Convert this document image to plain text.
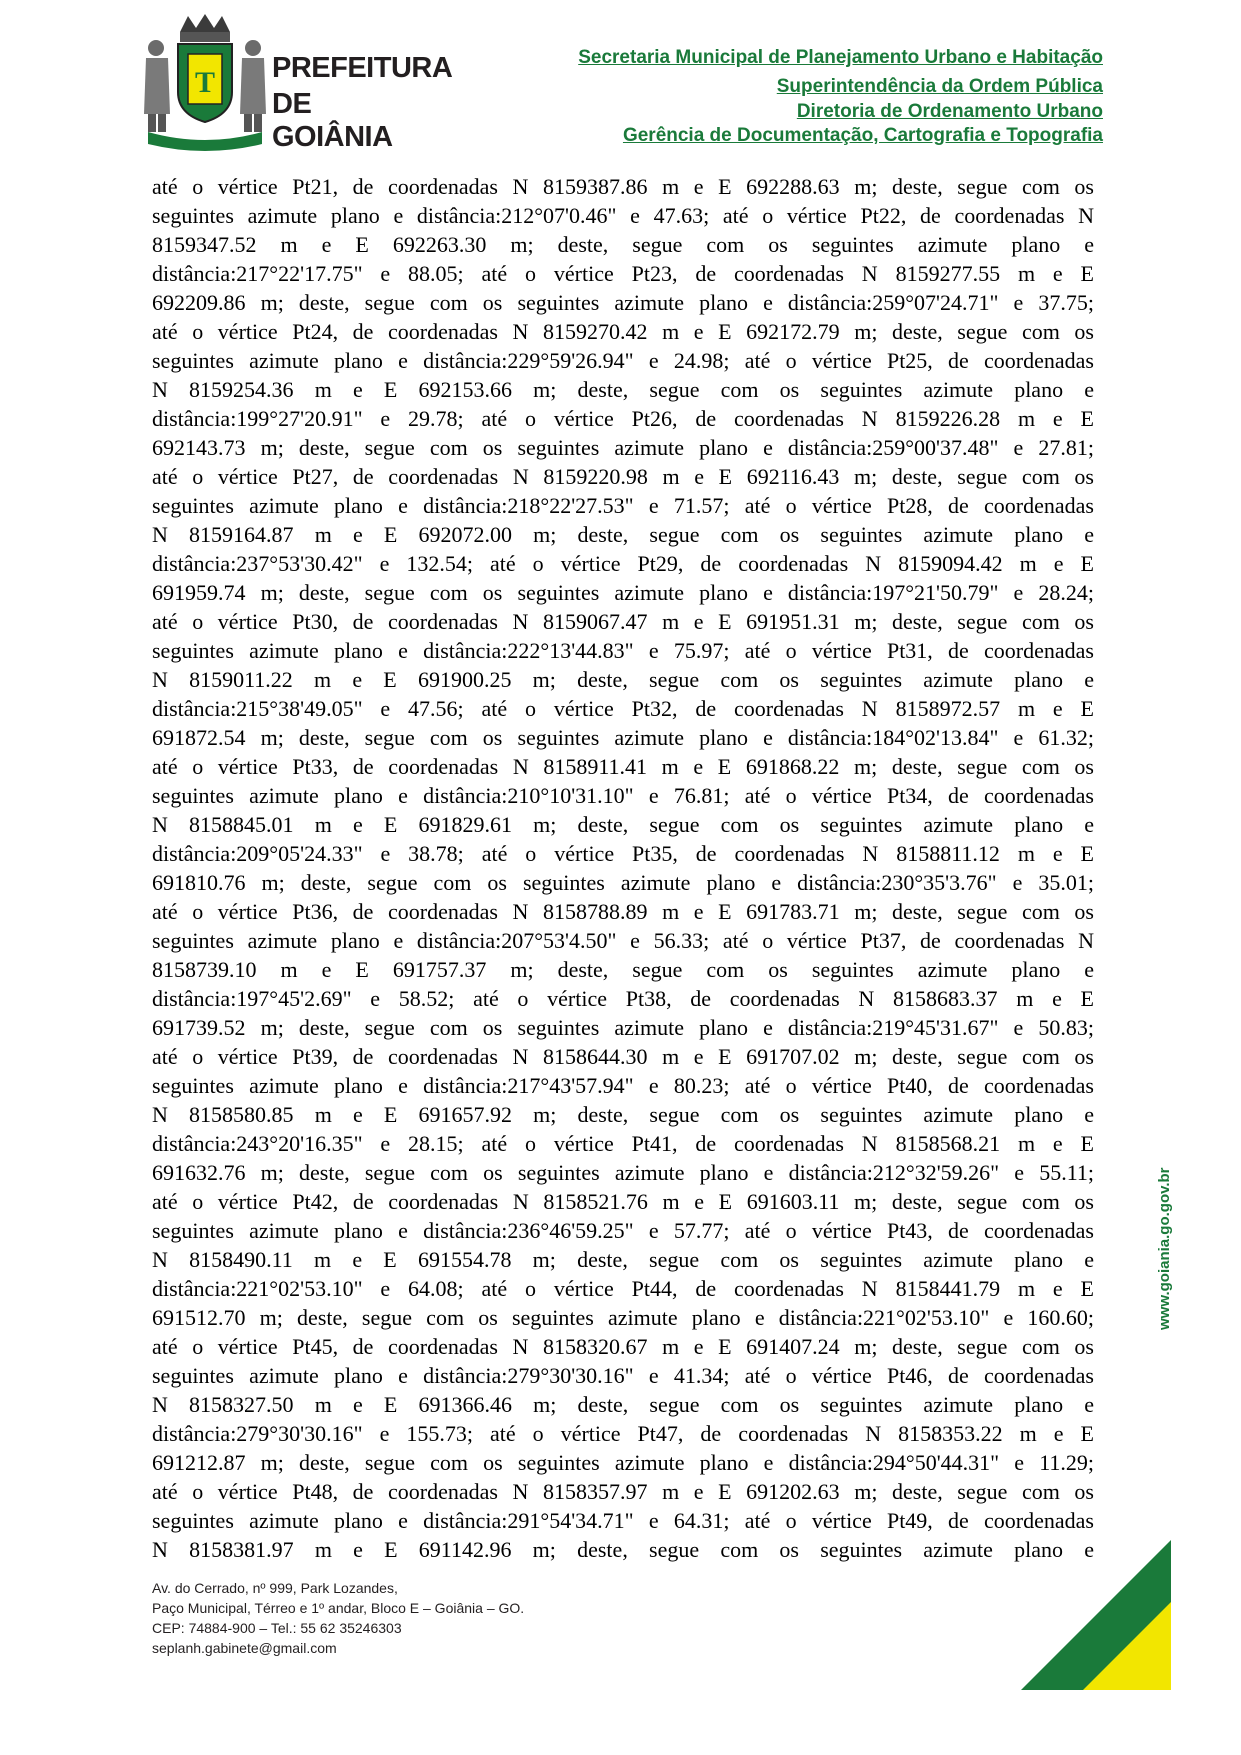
T PREFEITURA
DE GOIÂNIA
Secretaria Municipal de Planejamento Urbano e Habitação
Superintendência da Ordem Pública
Diretoria de Ordenamento Urbano
Gerência de Documentação, Cartografia e Topografia
até o vértice Pt21, de coordenadas N 8159387.86 m e E 692288.63 m; deste, segue com os
seguintes azimute plano e distância:212°07'0.46" e 47.63; até o vértice Pt22, de coordenadas N
8159347.52 m e E 692263.30 m; deste, segue com os seguintes azimute plano e
distância:217°22'17.75" e 88.05; até o vértice Pt23, de coordenadas N 8159277.55 m e E
692209.86 m; deste, segue com os seguintes azimute plano e distância:259°07'24.71" e 37.75;
até o vértice Pt24, de coordenadas N 8159270.42 m e E 692172.79 m; deste, segue com os
seguintes azimute plano e distância:229°59'26.94" e 24.98; até o vértice Pt25, de coordenadas
N 8159254.36 m e E 692153.66 m; deste, segue com os seguintes azimute plano e
distância:199°27'20.91" e 29.78; até o vértice Pt26, de coordenadas N 8159226.28 m e E
692143.73 m; deste, segue com os seguintes azimute plano e distância:259°00'37.48" e 27.81;
até o vértice Pt27, de coordenadas N 8159220.98 m e E 692116.43 m; deste, segue com os
seguintes azimute plano e distância:218°22'27.53" e 71.57; até o vértice Pt28, de coordenadas
N 8159164.87 m e E 692072.00 m; deste, segue com os seguintes azimute plano e
distância:237°53'30.42" e 132.54; até o vértice Pt29, de coordenadas N 8159094.42 m e E
691959.74 m; deste, segue com os seguintes azimute plano e distância:197°21'50.79" e 28.24;
até o vértice Pt30, de coordenadas N 8159067.47 m e E 691951.31 m; deste, segue com os
seguintes azimute plano e distância:222°13'44.83" e 75.97; até o vértice Pt31, de coordenadas
N 8159011.22 m e E 691900.25 m; deste, segue com os seguintes azimute plano e
distância:215°38'49.05" e 47.56; até o vértice Pt32, de coordenadas N 8158972.57 m e E
691872.54 m; deste, segue com os seguintes azimute plano e distância:184°02'13.84" e 61.32;
até o vértice Pt33, de coordenadas N 8158911.41 m e E 691868.22 m; deste, segue com os
seguintes azimute plano e distância:210°10'31.10" e 76.81; até o vértice Pt34, de coordenadas
N 8158845.01 m e E 691829.61 m; deste, segue com os seguintes azimute plano e
distância:209°05'24.33" e 38.78; até o vértice Pt35, de coordenadas N 8158811.12 m e E
691810.76 m; deste, segue com os seguintes azimute plano e distância:230°35'3.76" e 35.01;
até o vértice Pt36, de coordenadas N 8158788.89 m e E 691783.71 m; deste, segue com os
seguintes azimute plano e distância:207°53'4.50" e 56.33; até o vértice Pt37, de coordenadas N
8158739.10 m e E 691757.37 m; deste, segue com os seguintes azimute plano e
distância:197°45'2.69" e 58.52; até o vértice Pt38, de coordenadas N 8158683.37 m e E
691739.52 m; deste, segue com os seguintes azimute plano e distância:219°45'31.67" e 50.83;
até o vértice Pt39, de coordenadas N 8158644.30 m e E 691707.02 m; deste, segue com os
seguintes azimute plano e distância:217°43'57.94" e 80.23; até o vértice Pt40, de coordenadas
N 8158580.85 m e E 691657.92 m; deste, segue com os seguintes azimute plano e
distância:243°20'16.35" e 28.15; até o vértice Pt41, de coordenadas N 8158568.21 m e E
691632.76 m; deste, segue com os seguintes azimute plano e distância:212°32'59.26" e 55.11;
até o vértice Pt42, de coordenadas N 8158521.76 m e E 691603.11 m; deste, segue com os
seguintes azimute plano e distância:236°46'59.25" e 57.77; até o vértice Pt43, de coordenadas
N 8158490.11 m e E 691554.78 m; deste, segue com os seguintes azimute plano e
distância:221°02'53.10" e 64.08; até o vértice Pt44, de coordenadas N 8158441.79 m e E
691512.70 m; deste, segue com os seguintes azimute plano e distância:221°02'53.10" e 160.60;
até o vértice Pt45, de coordenadas N 8158320.67 m e E 691407.24 m; deste, segue com os
seguintes azimute plano e distância:279°30'30.16" e 41.34; até o vértice Pt46, de coordenadas
N 8158327.50 m e E 691366.46 m; deste, segue com os seguintes azimute plano e
distância:279°30'30.16" e 155.73; até o vértice Pt47, de coordenadas N 8158353.22 m e E
691212.87 m; deste, segue com os seguintes azimute plano e distância:294°50'44.31" e 11.29;
até o vértice Pt48, de coordenadas N 8158357.97 m e E 691202.63 m; deste, segue com os
seguintes azimute plano e distância:291°54'34.71" e 64.31; até o vértice Pt49, de coordenadas
N 8158381.97 m e E 691142.96 m; deste, segue com os seguintes azimute plano e
Av. do Cerrado, nº 999, Park Lozandes,
Paço Municipal, Térreo e 1º andar, Bloco E – Goiânia – GO.
CEP: 74884-900 – Tel.: 55 62 35246303
seplanh.gabinete@gmail.com
www.goiania.go.gov.br
